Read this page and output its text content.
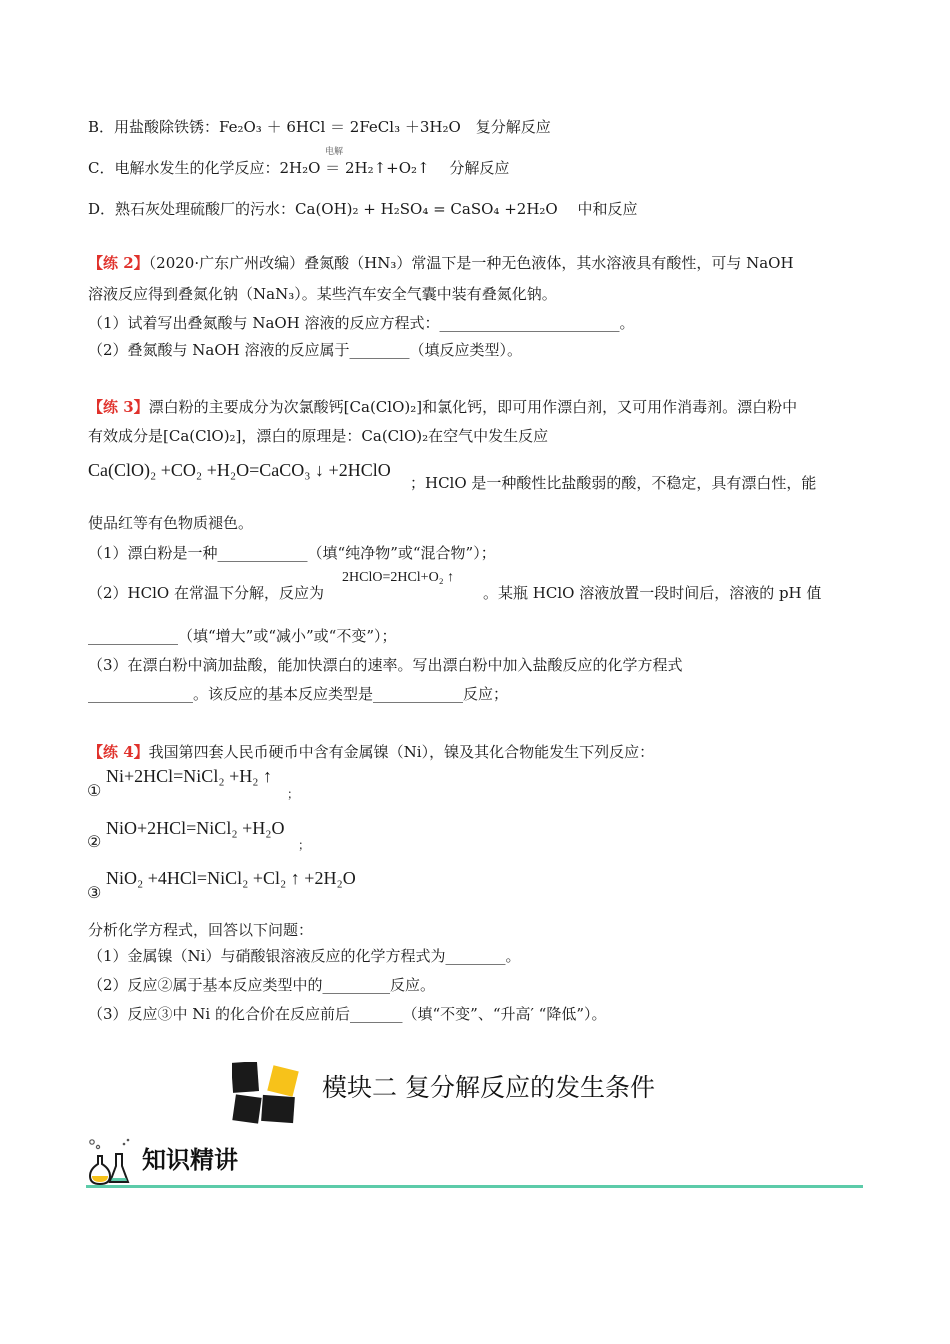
B．用盐酸除铁锈：Fe₂O₃ ＋ 6HCl ＝ 2FeCl₃ ＋3H₂O　复分解反应
电解
C．电解水发生的化学反应：2H₂O ＝ 2H₂↑+O₂↑　 分解反应
D．熟石灰处理硫酸厂的污水：Ca(OH)₂ + H₂SO₄ = CaSO₄ +2H₂O　 中和反应
【练 2】（2020·广东广州改编）叠氮酸（HN₃）常温下是一种无色液体，其水溶液具有酸性，可与 NaOH
溶液反应得到叠氮化钠（NaN₃）。某些汽车安全气囊中装有叠氮化钠。
（1）试着写出叠氮酸与 NaOH 溶液的反应方程式：________________________。
（2）叠氮酸与 NaOH 溶液的反应属于________（填反应类型）。
【练 3】漂白粉的主要成分为次氯酸钙[Ca(ClO)₂]和氯化钙，即可用作漂白剂，又可用作消毒剂。漂白粉中
有效成分是[Ca(ClO)₂]，漂白的原理是：Ca(ClO)₂在空气中发生反应
Ca(ClO)₂ +CO₂ +H₂O=CaCO₃ ↓ +2HClO
；HClO 是一种酸性比盐酸弱的酸，不稳定，具有漂白性，能
使品红等有色物质褪色。
（1）漂白粉是一种____________（填“纯净物”或“混合物”）；
（2）HClO 在常温下分解，反应为
2HClO=2HCl+O₂ ↑
。某瓶 HClO 溶液放置一段时间后，溶液的 pH 值
____________（填“增大”或“减小”或“不变”）；
（3）在漂白粉中滴加盐酸，能加快漂白的速率。写出漂白粉中加入盐酸反应的化学方程式
______________。该反应的基本反应类型是____________反应；
【练 4】我国第四套人民币硬币中含有金属镍（Ni），镍及其化合物能发生下列反应：
①
Ni+2HCl=NiCl₂ +H₂ ↑
；
②
NiO+2HCl=NiCl₂ +H₂O
；
③
NiO₂ +4HCl=NiCl₂ +Cl₂ ↑ +2H₂O
分析化学方程式，回答以下问题：
（1）金属镍（Ni）与硝酸银溶液反应的化学方程式为________。
（2）反应②属于基本反应类型中的_________反应。
（3）反应③中 Ni 的化合价在反应前后_______（填“不变”、“升高′ “降低”）。
模块二 复分解反应的发生条件
知识精讲
